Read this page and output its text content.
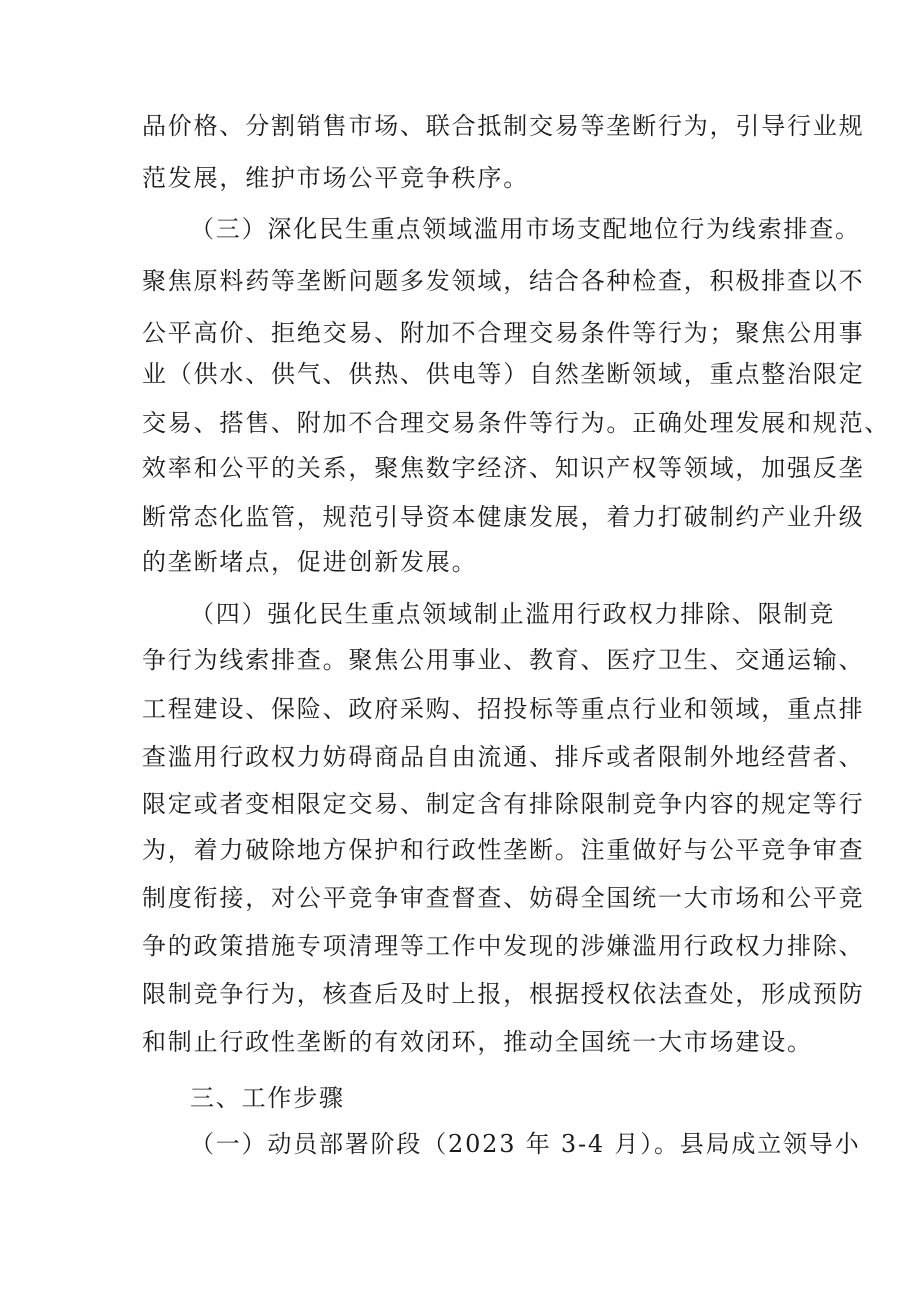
品价格、分割销售市场、联合抵制交易等垄断行为，引导行业规
范发展，维护市场公平竞争秩序。
（三）深化民生重点领域滥用市场支配地位行为线索排查。
聚焦原料药等垄断问题多发领域，结合各种检查，积极排查以不
公平高价、拒绝交易、附加不合理交易条件等行为；聚焦公用事
业（供水、供气、供热、供电等）自然垄断领域，重点整治限定
交易、搭售、附加不合理交易条件等行为。正确处理发展和规范、
效率和公平的关系，聚焦数字经济、知识产权等领域，加强反垄
断常态化监管，规范引导资本健康发展，着力打破制约产业升级
的垄断堵点，促进创新发展。
（四）强化民生重点领域制止滥用行政权力排除、限制竞
争行为线索排查。聚焦公用事业、教育、医疗卫生、交通运输、
工程建设、保险、政府采购、招投标等重点行业和领域，重点排
查滥用行政权力妨碍商品自由流通、排斥或者限制外地经营者、
限定或者变相限定交易、制定含有排除限制竞争内容的规定等行
为，着力破除地方保护和行政性垄断。注重做好与公平竞争审查
制度衔接，对公平竞争审查督查、妨碍全国统一大市场和公平竞
争的政策措施专项清理等工作中发现的涉嫌滥用行政权力排除、
限制竞争行为，核查后及时上报，根据授权依法查处，形成预防
和制止行政性垄断的有效闭环，推动全国统一大市场建设。
三、工作步骤
（一）动员部署阶段（2023 年 3-4 月）。县局成立领导小
